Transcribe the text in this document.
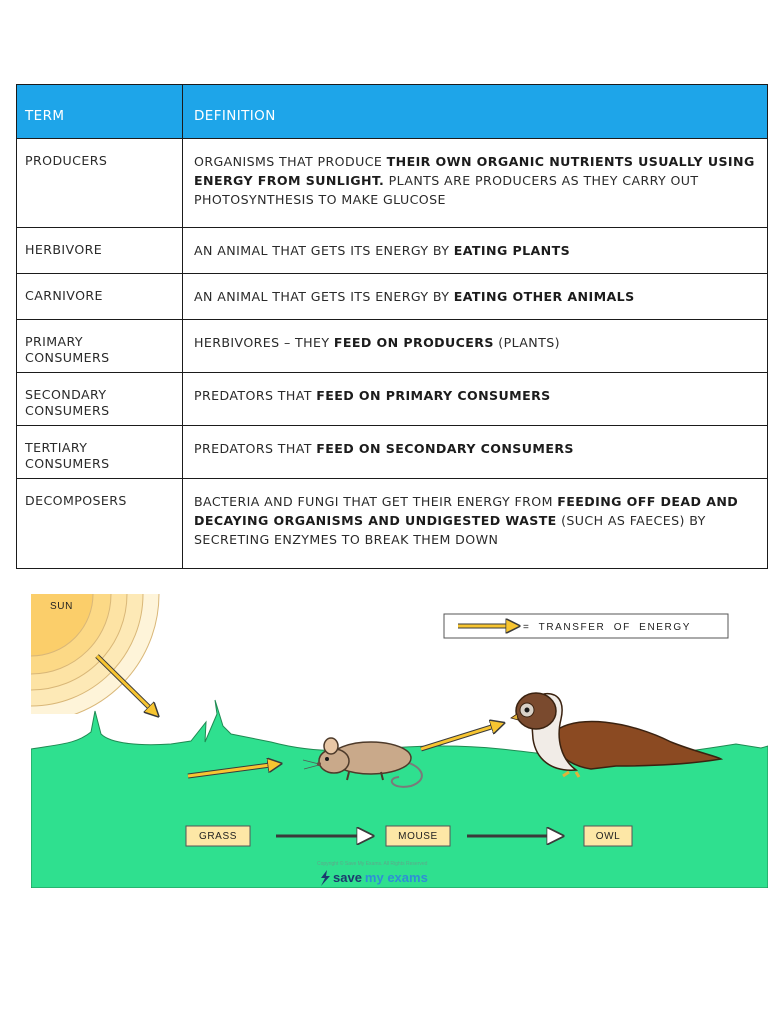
TERM	DEFINITION
PRODUCERS	ORGANISMS THAT PRODUCE THEIR OWN ORGANIC NUTRIENTS USUALLY USING ENERGY FROM SUNLIGHT. PLANTS ARE PRODUCERS AS THEY CARRY OUT PHOTOSYNTHESIS TO MAKE GLUCOSE
HERBIVORE	AN ANIMAL THAT GETS ITS ENERGY BY EATING PLANTS
CARNIVORE	AN ANIMAL THAT GETS ITS ENERGY BY EATING OTHER ANIMALS
PRIMARY
CONSUMERS	HERBIVORES – THEY FEED ON PRODUCERS (PLANTS)
SECONDARY
CONSUMERS	PREDATORS THAT FEED ON PRIMARY CONSUMERS
TERTIARY
CONSUMERS	PREDATORS THAT FEED ON SECONDARY CONSUMERS
DECOMPOSERS	BACTERIA AND FUNGI THAT GET THEIR ENERGY FROM FEEDING OFF DEAD AND DECAYING ORGANISMS AND UNDIGESTED WASTE (SUCH AS FAECES) BY SECRETING ENZYMES TO BREAK THEM DOWN
SUN
= TRANSFER OF ENERGY
GRASS	MOUSE	OWL
Copyright © Save My Exams. All Rights Reserved
save my exams
